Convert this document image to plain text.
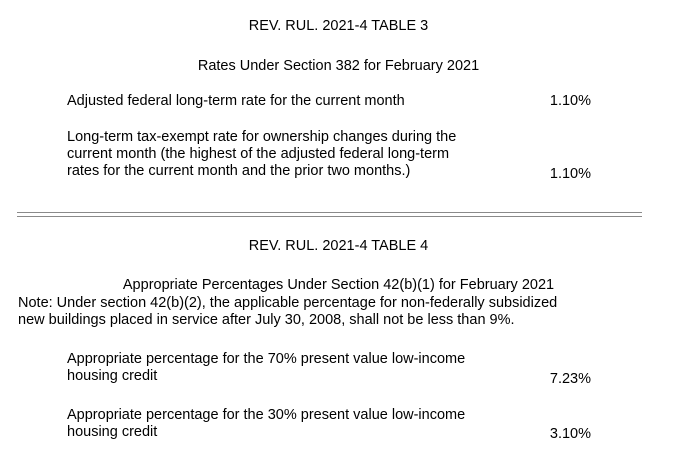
REV. RUL. 2021-4 TABLE 3
Rates Under Section 382 for February 2021
Adjusted federal long-term rate for the current month	1.10%
Long-term tax-exempt rate for ownership changes during the
current month (the highest of the adjusted federal long-term
rates for the current month and the prior two months.)	1.10%
REV. RUL. 2021-4 TABLE 4
Appropriate Percentages Under Section 42(b)(1) for February 2021
Note: Under section 42(b)(2), the applicable percentage for non-federally subsidized
new buildings placed in service after July 30, 2008, shall not be less than 9%.
Appropriate percentage for the 70% present value low-income
housing credit	7.23%
Appropriate percentage for the 30% present value low-income
housing credit	3.10%
